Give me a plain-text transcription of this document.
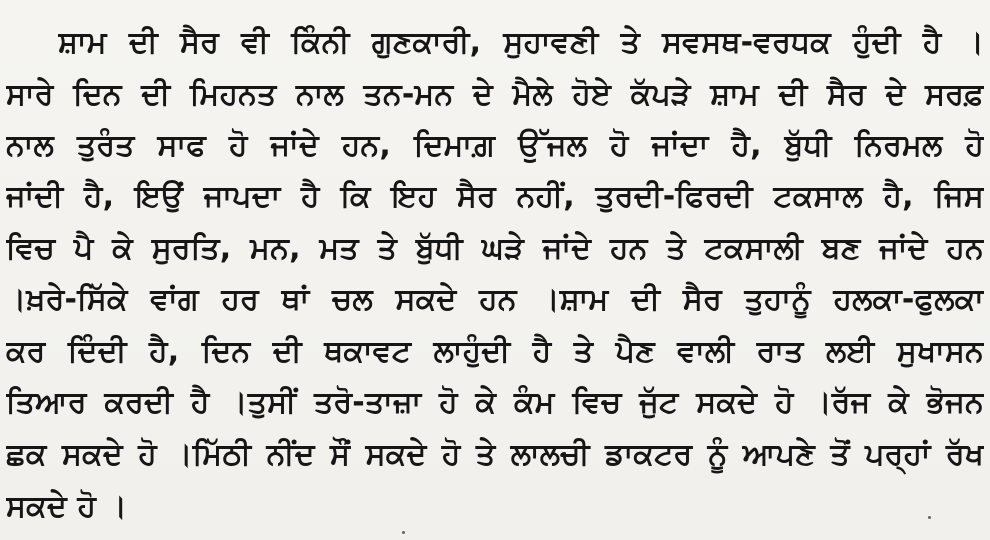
ਸ਼ਾਮ ਦੀ ਸੈਰ ਵੀ ਕਿੰਨੀ ਗੁਣਕਾਰੀ, ਸੁਹਾਵਣੀ ਤੇ ਸਵਸਥ-ਵਰਧਕ ਹੁੰਦੀ ਹੈ ।
ਸਾਰੇ ਦਿਨ ਦੀ ਮਿਹਨਤ ਨਾਲ ਤਨ-ਮਨ ਦੇ ਮੈਲੇ ਹੋਏ ਕੱਪੜੇ ਸ਼ਾਮ ਦੀ ਸੈਰ ਦੇ ਸਰਫ਼
ਨਾਲ ਤੁਰੰਤ ਸਾਫ ਹੋ ਜਾਂਦੇ ਹਨ, ਦਿਮਾਗ਼ ਉੱਜਲ ਹੋ ਜਾਂਦਾ ਹੈ, ਬੁੱਧੀ ਨਿਰਮਲ ਹੋ
ਜਾਂਦੀ ਹੈ, ਇਉਂ ਜਾਪਦਾ ਹੈ ਕਿ ਇਹ ਸੈਰ ਨਹੀਂ, ਤੁਰਦੀ-ਫਿਰਦੀ ਟਕਸਾਲ ਹੈ, ਜਿਸ
ਵਿਚ ਪੈ ਕੇ ਸੁਰਤਿ, ਮਨ, ਮਤ ਤੇ ਬੁੱਧੀ ਘੜੇ ਜਾਂਦੇ ਹਨ ਤੇ ਟਕਸਾਲੀ ਬਣ ਜਾਂਦੇ ਹਨ
।ਖ਼ਰੇ-ਸਿੱਕੇ ਵਾਂਗ ਹਰ ਥਾਂ ਚਲ ਸਕਦੇ ਹਨ ।ਸ਼ਾਮ ਦੀ ਸੈਰ ਤੁਹਾਨੂੰ ਹਲਕਾ-ਫੁਲਕਾ
ਕਰ ਦਿੰਦੀ ਹੈ, ਦਿਨ ਦੀ ਥਕਾਵਟ ਲਾਹੁੰਦੀ ਹੈ ਤੇ ਪੈਣ ਵਾਲੀ ਰਾਤ ਲਈ ਸੁਖਾਸਨ
ਤਿਆਰ ਕਰਦੀ ਹੈ ।ਤੁਸੀਂ ਤਰੋ-ਤਾਜ਼ਾ ਹੋ ਕੇ ਕੰਮ ਵਿਚ ਜੁੱਟ ਸਕਦੇ ਹੋ ।ਰੱਜ ਕੇ ਭੋਜਨ
ਛਕ ਸਕਦੇ ਹੋ ।ਮਿੱਠੀ ਨੀਂਦ ਸੌਂ ਸਕਦੇ ਹੋ ਤੇ ਲਾਲਚੀ ਡਾਕਟਰ ਨੂੰ ਆਪਣੇ ਤੋਂ ਪਰ੍ਹਾਂ ਰੱਖ
ਸਕਦੇ ਹੋ ।
